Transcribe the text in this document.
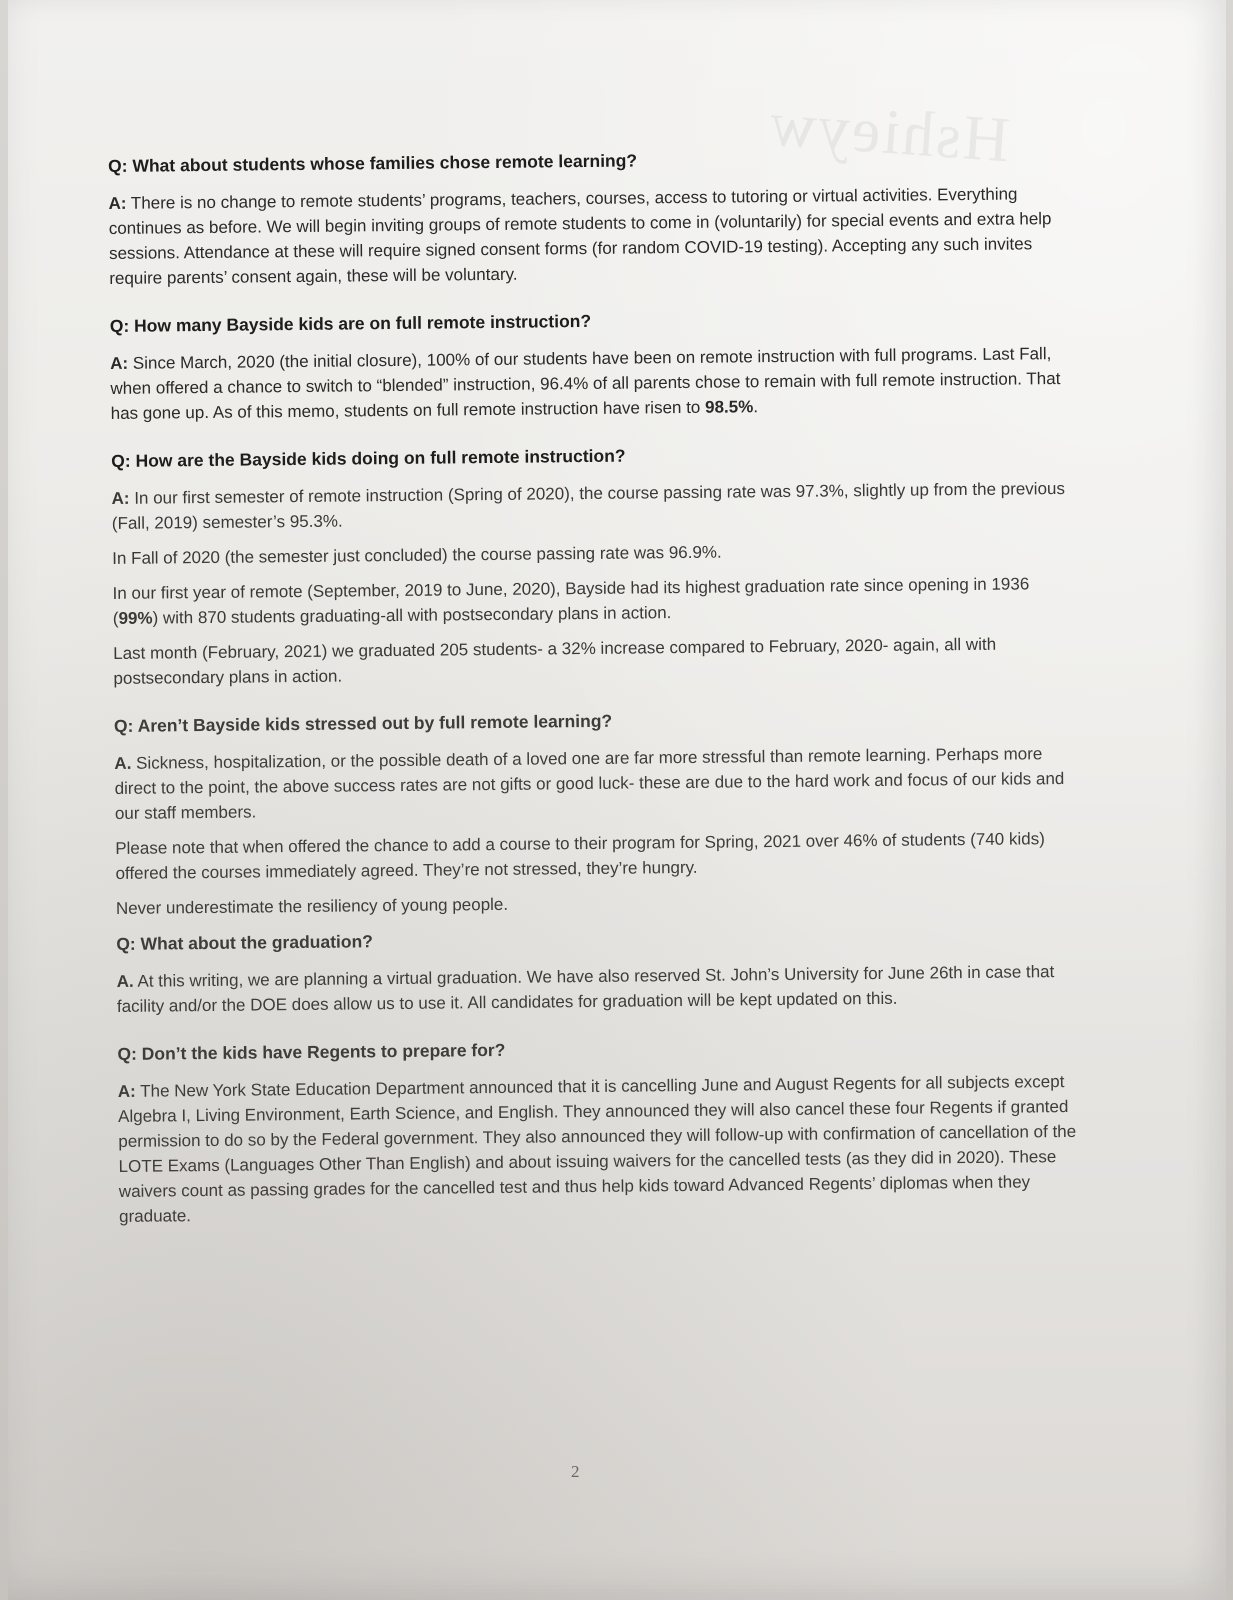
Hshieyw

Q: What about students whose families chose remote learning?

A: There is no change to remote students’ programs, teachers, courses, access to tutoring or virtual activities. Everything continues as before. We will begin inviting groups of remote students to come in (voluntarily) for special events and extra help sessions. Attendance at these will require signed consent forms (for random COVID-19 testing). Accepting any such invites require parents’ consent again, these will be voluntary.

Q: How many Bayside kids are on full remote instruction?

A: Since March, 2020 (the initial closure), 100% of our students have been on remote instruction with full programs. Last Fall, when offered a chance to switch to “blended” instruction, 96.4% of all parents chose to remain with full remote instruction. That has gone up. As of this memo, students on full remote instruction have risen to 98.5%.

Q: How are the Bayside kids doing on full remote instruction?

A: In our first semester of remote instruction (Spring of 2020), the course passing rate was 97.3%, slightly up from the previous (Fall, 2019) semester’s 95.3%.

In Fall of 2020 (the semester just concluded) the course passing rate was 96.9%.

In our first year of remote (September, 2019 to June, 2020), Bayside had its highest graduation rate since opening in 1936 (99%) with 870 students graduating-all with postsecondary plans in action.

Last month (February, 2021) we graduated 205 students- a 32% increase compared to February, 2020- again, all with postsecondary plans in action.

Q: Aren’t Bayside kids stressed out by full remote learning?

A. Sickness, hospitalization, or the possible death of a loved one are far more stressful than remote learning. Perhaps more direct to the point, the above success rates are not gifts or good luck- these are due to the hard work and focus of our kids and our staff members.

Please note that when offered the chance to add a course to their program for Spring, 2021 over 46% of students (740 kids) offered the courses immediately agreed. They’re not stressed, they’re hungry.

Never underestimate the resiliency of young people.

Q: What about the graduation?

A. At this writing, we are planning a virtual graduation. We have also reserved St. John’s University for June 26th in case that facility and/or the DOE does allow us to use it. All candidates for graduation will be kept updated on this.

Q: Don’t the kids have Regents to prepare for?

A: The New York State Education Department announced that it is cancelling June and August Regents for all subjects except Algebra I, Living Environment, Earth Science, and English. They announced they will also cancel these four Regents if granted permission to do so by the Federal government. They also announced they will follow-up with confirmation of cancellation of the LOTE Exams (Languages Other Than English) and about issuing waivers for the cancelled tests (as they did in 2020). These waivers count as passing grades for the cancelled test and thus help kids toward Advanced Regents’ diplomas when they graduate.

2
